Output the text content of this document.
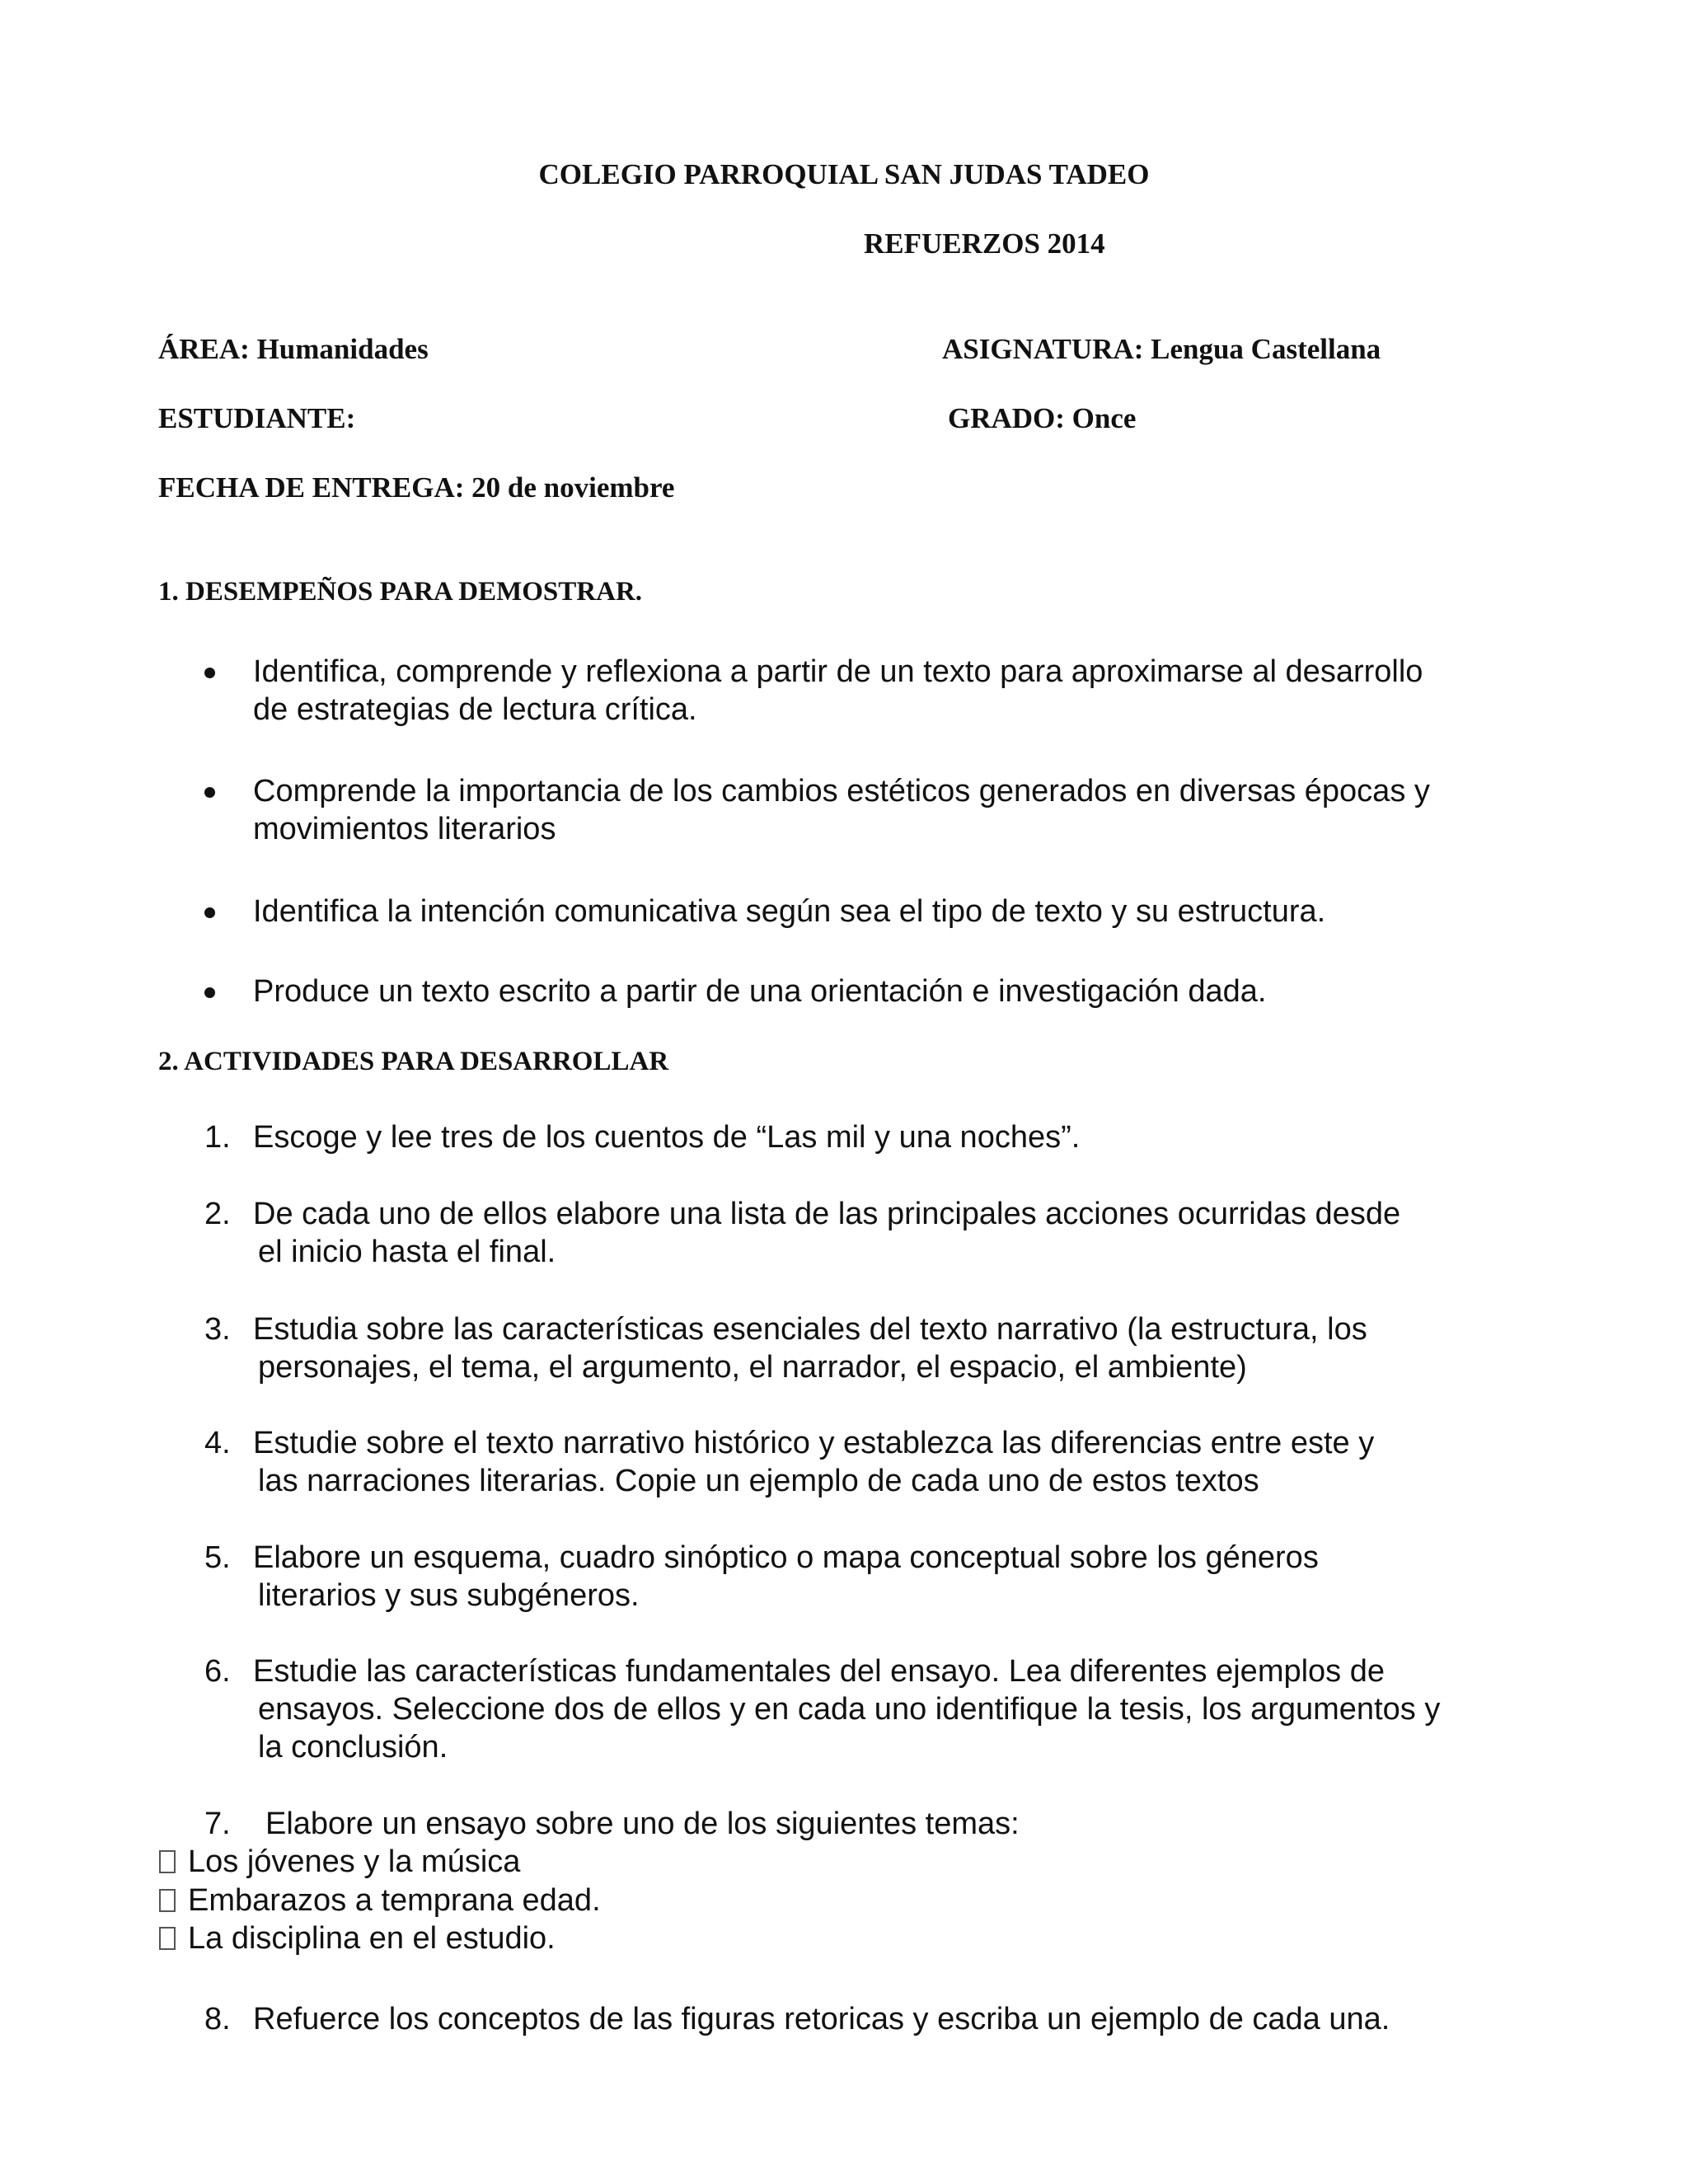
COLEGIO PARROQUIAL SAN JUDAS TADEO
REFUERZOS 2014
ÁREA: Humanidades	ASIGNATURA: Lengua Castellana
ESTUDIANTE:	GRADO: Once
FECHA DE ENTREGA: 20 de noviembre
1. DESEMPEÑOS PARA DEMOSTRAR.
Identifica, comprende y reflexiona a partir de un texto para aproximarse al desarrollo
de estrategias de lectura crítica.
Comprende la importancia de los cambios estéticos generados en diversas épocas y
movimientos literarios
Identifica la intención comunicativa según sea el tipo de texto y su estructura.
Produce un texto escrito a partir de una orientación e investigación dada.
2. ACTIVIDADES PARA DESARROLLAR
1. Escoge y lee tres de los cuentos de “Las mil y una noches”.
2. De cada uno de ellos elabore una lista de las principales acciones ocurridas desde
el inicio hasta el final.
3. Estudia sobre las características esenciales del texto narrativo (la estructura, los
personajes, el tema, el argumento, el narrador, el espacio, el ambiente)
4. Estudie sobre el texto narrativo histórico y establezca las diferencias entre este y
las narraciones literarias. Copie un ejemplo de cada uno de estos textos
5. Elabore un esquema, cuadro sinóptico o mapa conceptual sobre los géneros
literarios y sus subgéneros.
6. Estudie las características fundamentales del ensayo. Lea diferentes ejemplos de
ensayos. Seleccione dos de ellos y en cada uno identifique la tesis, los argumentos y
la conclusión.
7. Elabore un ensayo sobre uno de los siguientes temas:
Los jóvenes y la música
Embarazos a temprana edad.
La disciplina en el estudio.
8. Refuerce los conceptos de las figuras retoricas y escriba un ejemplo de cada una.
